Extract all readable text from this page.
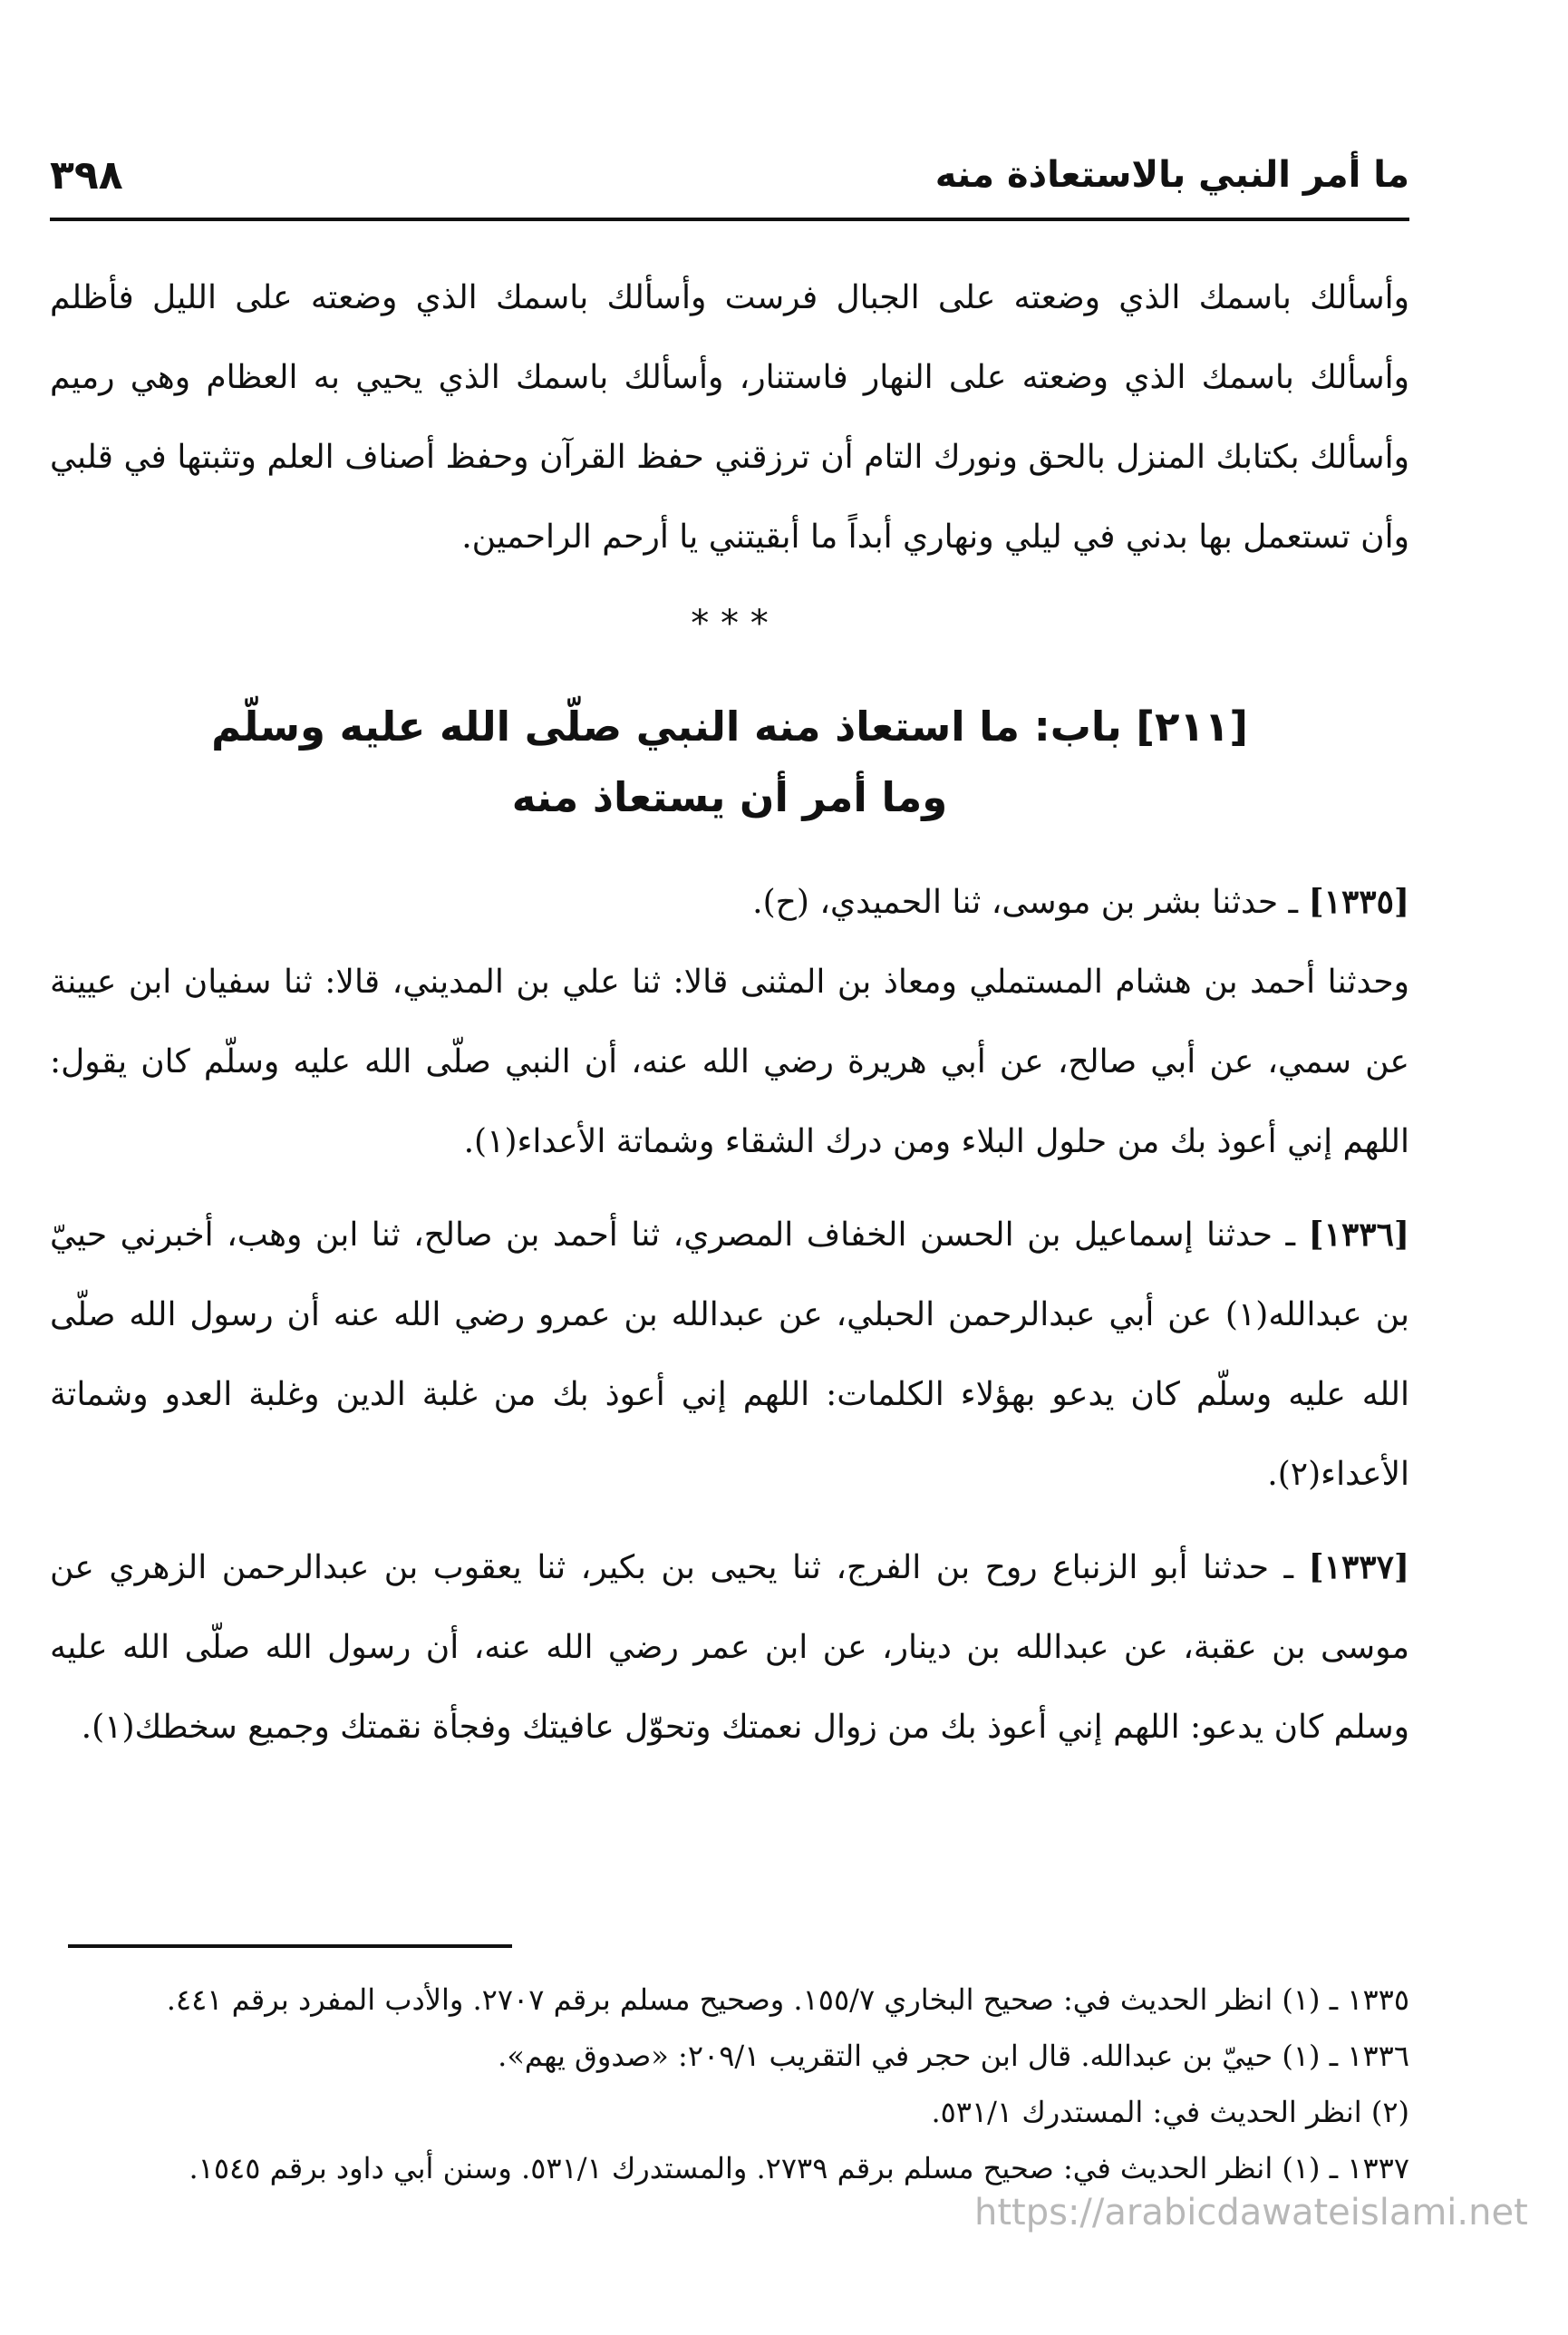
ما أمر النبي بالاستعاذة منه
٣٩٨

وأسألك باسمك الذي وضعته على الجبال فرست وأسألك باسمك الذي وضعته على الليل فأظلم وأسألك باسمك الذي وضعته على النهار فاستنار، وأسألك باسمك الذي يحيي به العظام وهي رميم وأسألك بكتابك المنزل بالحق ونورك التام أن ترزقني حفظ القرآن وحفظ أصناف العلم وتثبتها في قلبي وأن تستعمل بها بدني في ليلي ونهاري أبداً ما أبقيتني يا أرحم الراحمين.

* * *
[٢١١] باب: ما استعاذ منه النبي صلّى الله عليه وسلّم
وما أمر أن يستعاذ منه

[١٣٣٥] ـ حدثنا بشر بن موسى، ثنا الحميدي، (ح).

وحدثنا أحمد بن هشام المستملي ومعاذ بن المثنى قالا: ثنا علي بن المديني، قالا: ثنا سفيان ابن عيينة عن سمي، عن أبي صالح، عن أبي هريرة رضي الله عنه، أن النبي صلّى الله عليه وسلّم كان يقول: اللهم إني أعوذ بك من حلول البلاء ومن درك الشقاء وشماتة الأعداء(١).

[١٣٣٦] ـ حدثنا إسماعيل بن الحسن الخفاف المصري، ثنا أحمد بن صالح، ثنا ابن وهب، أخبرني حييّ بن عبدالله(١) عن أبي عبدالرحمن الحبلي، عن عبدالله بن عمرو رضي الله عنه أن رسول الله صلّى الله عليه وسلّم كان يدعو بهؤلاء الكلمات: اللهم إني أعوذ بك من غلبة الدين وغلبة العدو وشماتة الأعداء(٢).

[١٣٣٧] ـ حدثنا أبو الزنباع روح بن الفرج، ثنا يحيى بن بكير، ثنا يعقوب بن عبدالرحمن الزهري عن موسى بن عقبة، عن عبدالله بن دينار، عن ابن عمر رضي الله عنه، أن رسول الله صلّى الله عليه وسلم كان يدعو: اللهم إني أعوذ بك من زوال نعمتك وتحوّل عافيتك وفجأة نقمتك وجميع سخطك(١).

١٣٣٥ ـ (١) انظر الحديث في: صحيح البخاري ١٥٥/٧. وصحيح مسلم برقم ٢٧٠٧. والأدب المفرد برقم ٤٤١.

١٣٣٦ ـ (١) حييّ بن عبدالله. قال ابن حجر في التقريب ٢٠٩/١: «صدوق يهم».

(٢) انظر الحديث في: المستدرك ٥٣١/١.

١٣٣٧ ـ (١) انظر الحديث في: صحيح مسلم برقم ٢٧٣٩. والمستدرك ٥٣١/١. وسنن أبي داود برقم ١٥٤٥.

https://arabicdawateislami.net
